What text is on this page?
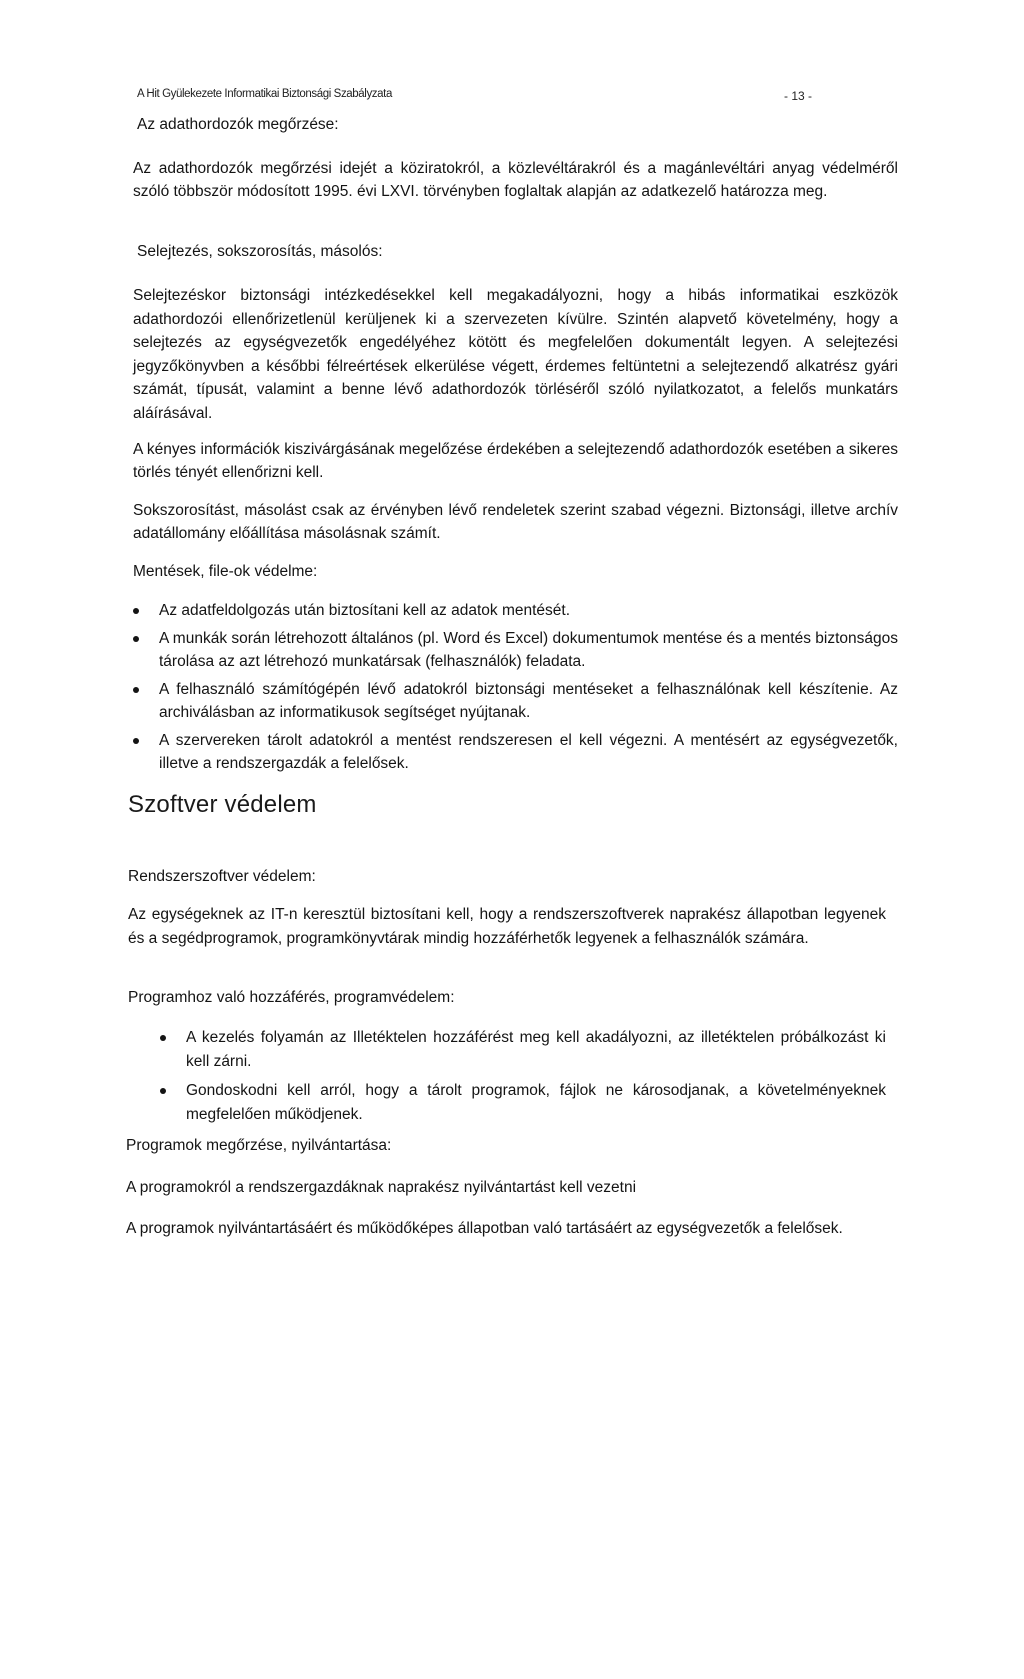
A Hit Gyülekezete Informatikai Biztonsági Szabályzata	- 13 -
Az adathordozók megőrzése:
Az adathordozók megőrzési idejét a köziratokról, a közlevéltárakról és a magánlevéltári anyag védelméről szóló többször módosított 1995. évi LXVI. törvényben foglaltak alapján az adatkezelő határozza meg.
Selejtezés, sokszorosítás, másolós:
Selejtezéskor biztonsági intézkedésekkel kell megakadályozni, hogy a hibás informatikai eszközök adathordozói ellenőrizetlenül kerüljenek ki a szervezeten kívülre. Szintén alapvető követelmény, hogy a selejtezés az egységvezetők engedélyéhez kötött és megfelelően dokumentált legyen. A selejtezési jegyzőkönyvben a későbbi félreértések elkerülése végett, érdemes feltüntetni a selejtezendő alkatrész gyári számát, típusát, valamint a benne lévő adathordozók törléséről szóló nyilatkozatot, a felelős munkatárs aláírásával.
A kényes információk kiszivárgásának megelőzése érdekében a selejtezendő adathordozók esetében a sikeres törlés tényét ellenőrizni kell.
Sokszorosítást, másolást csak az érvényben lévő rendeletek szerint szabad végezni. Biztonsági, illetve archív adatállomány előállítása másolásnak számít.
Mentések, file-ok védelme:
Az adatfeldolgozás után biztosítani kell az adatok mentését.
A munkák során létrehozott általános (pl. Word és Excel) dokumentumok mentése és a mentés biztonságos tárolása az azt létrehozó munkatársak (felhasználók) feladata.
A felhasználó számítógépén lévő adatokról biztonsági mentéseket a felhasználónak kell készítenie. Az archiválásban az informatikusok segítséget nyújtanak.
A szervereken tárolt adatokról a mentést rendszeresen el kell végezni. A mentésért az egységvezetők, illetve a rendszergazdák a felelősek.
Szoftver védelem
Rendszerszoftver védelem:
Az egységeknek az IT-n keresztül biztosítani kell, hogy a rendszerszoftverek naprakész állapotban legyenek és a segédprogramok, programkönyvtárak mindig hozzáférhetők legyenek a felhasználók számára.
Programhoz való hozzáférés, programvédelem:
A kezelés folyamán az Illetéktelen hozzáférést meg kell akadályozni, az illetéktelen próbálkozást ki kell zárni.
Gondoskodni kell arról, hogy a tárolt programok, fájlok ne károsodjanak, a követelményeknek megfelelően működjenek.
Programok megőrzése, nyilvántartása:
A programokról a rendszergazdáknak naprakész nyilvántartást kell vezetni
A programok nyilvántartásáért és működőképes állapotban való tartásáért az egységvezetők a felelősek.
